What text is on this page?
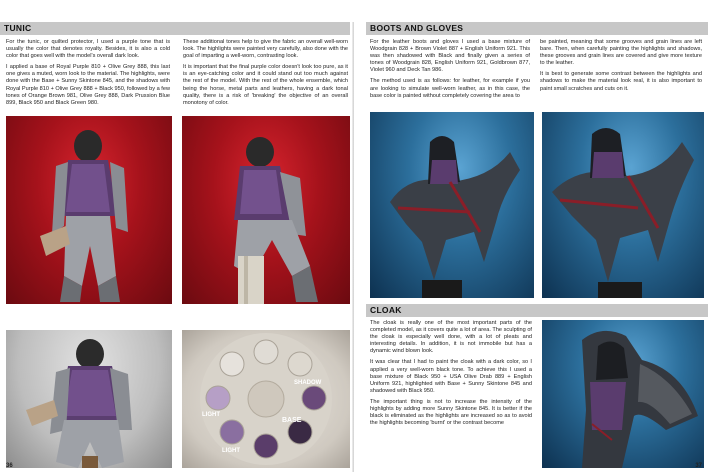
TUNIC

For the tunic, or quilted protector, I used a purple tone that is usually the color that denotes royalty. Besides, it is also a cold color that goes well with the model's overall dark look.

I applied a base of Royal Purple 810 + Olive Grey 888, this last one gives a muted, worn look to the material. The highlights, were done with the Base + Sunny Skintone 845, and the shadows with Royal Purple 810 + Olive Grey 888 + Black 950, followed by a few tones of Orange Brown 981, Olive Grey 888, Dark Prussion Blue 899, Black 950 and Black Green 980.

These additional tones help to give the fabric an overall well-worn look. The highlights were painted very carefully, also done with the goal of imparting a well-worn, contrasting look.

It is important that the final purple color doesn't look too pure, as it is an eye-catching color and it could stand out too much against the rest of the model. With the rest of the whole ensemble, which being the horse, metal parts and leathers, having a dark tonal quality, there is a risk of 'breaking' the objective of an overall monotony of color.

SHADOW
LIGHT
LIGHT
BASE
36
BOOTS AND GLOVES

For the leather boots and gloves I used a base mixture of Woodgrain 828 + Brown Violet 887 + English Uniform 921. This was then shadowed with Black and finally given a series of tones of Woodgrain 828, English Uniform 921, Goldbrown 877, Violet 960 and Deck Tan 986.

The method used is as follows: for leather, for example if you are looking to simulate well-worn leather, as in this case, the base color is painted without completely covering the area to

be painted, meaning that some grooves and grain lines are left bare. Then, when carefully painting the highlights and shadows, these grooves and grain lines are covered and give more texture to the leather.

It is best to generate some contrast between the highlights and shadows to make the material look real, it is also important to paint small scratches and cuts on it.

CLOAK

The cloak is really one of the most important parts of the completed model, as it covers quite a lot of area. The sculpting of the cloak is especially well done, with a lot of pleats and interesting details. In addition, it is not immobile but has a dynamic wind blown look.

It was clear that I had to paint the cloak with a dark color, so I applied a very well-worn black tone. To achieve this I used a base mixture of Black 950 + USA Olive Drab 889 + English Uniform 921, highlighted with Base + Sunny Skintone 845 and shadowed with Black 950.

The important thing is not to increase the intensity of the highlights by adding more Sunny Skintone 845. It is better if the black is eliminated as the highlights are increased so as to avoid the highlights becoming 'burnt' or the contrast become

37
